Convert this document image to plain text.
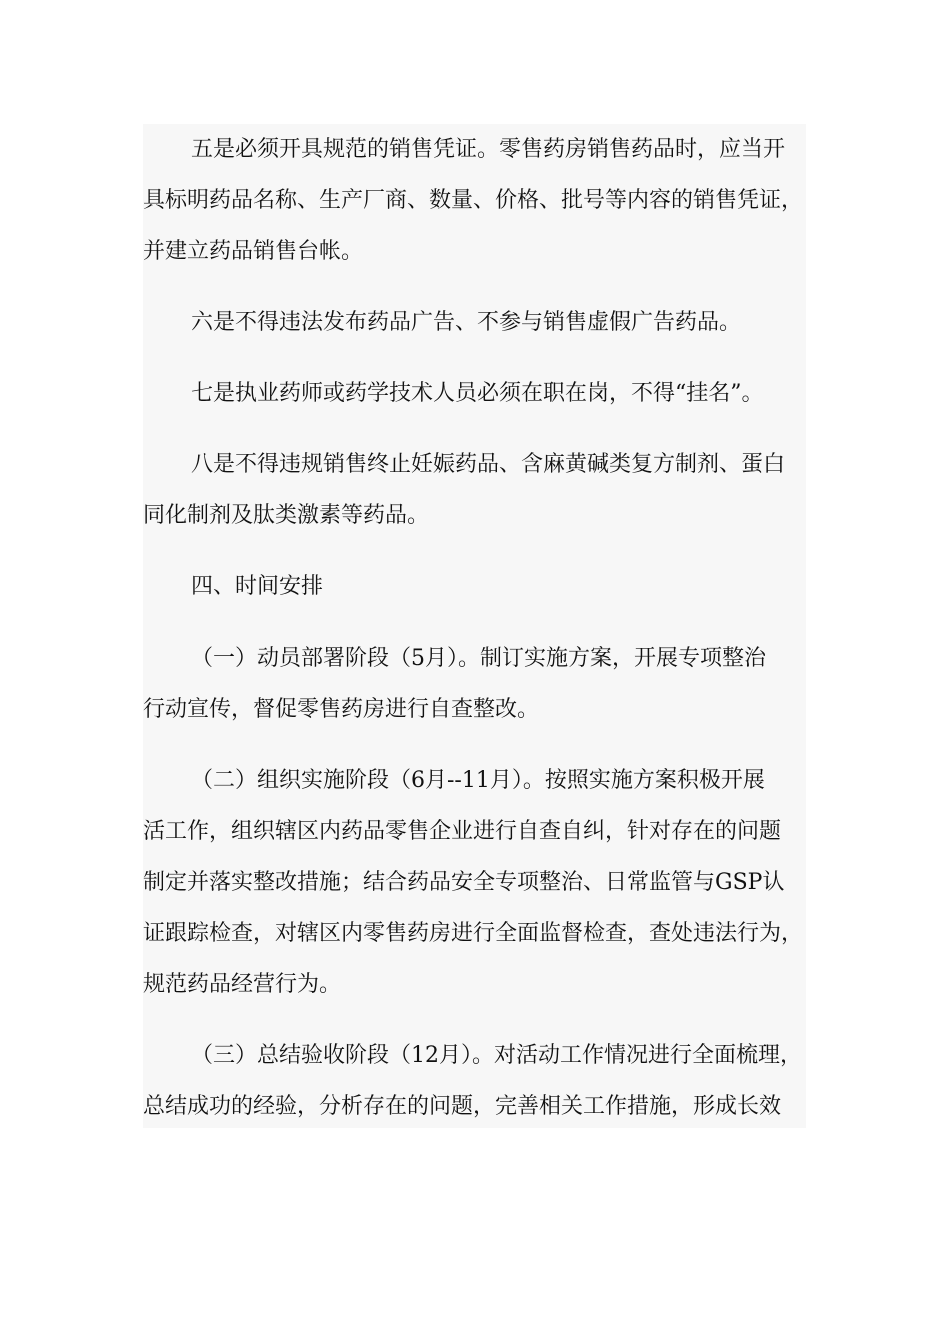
五是必须开具规范的销售凭证。零售药房销售药品时，应当开
具标明药品名称、生产厂商、数量、价格、批号等内容的销售凭证，
并建立药品销售台帐。
六是不得违法发布药品广告、不参与销售虚假广告药品。
七是执业药师或药学技术人员必须在职在岗，不得“挂名”。
八是不得违规销售终止妊娠药品、含麻黄碱类复方制剂、蛋白
同化制剂及肽类激素等药品。
四、时间安排
（一）动员部署阶段（5月）。制订实施方案，开展专项整治
行动宣传，督促零售药房进行自查整改。
（二）组织实施阶段（6月--11月）。按照实施方案积极开展
活工作，组织辖区内药品零售企业进行自查自纠，针对存在的问题
制定并落实整改措施；结合药品安全专项整治、日常监管与GSP认
证跟踪检查，对辖区内零售药房进行全面监督检查，查处违法行为，
规范药品经营行为。
（三）总结验收阶段（12月）。对活动工作情况进行全面梳理，
总结成功的经验，分析存在的问题，完善相关工作措施，形成长效
